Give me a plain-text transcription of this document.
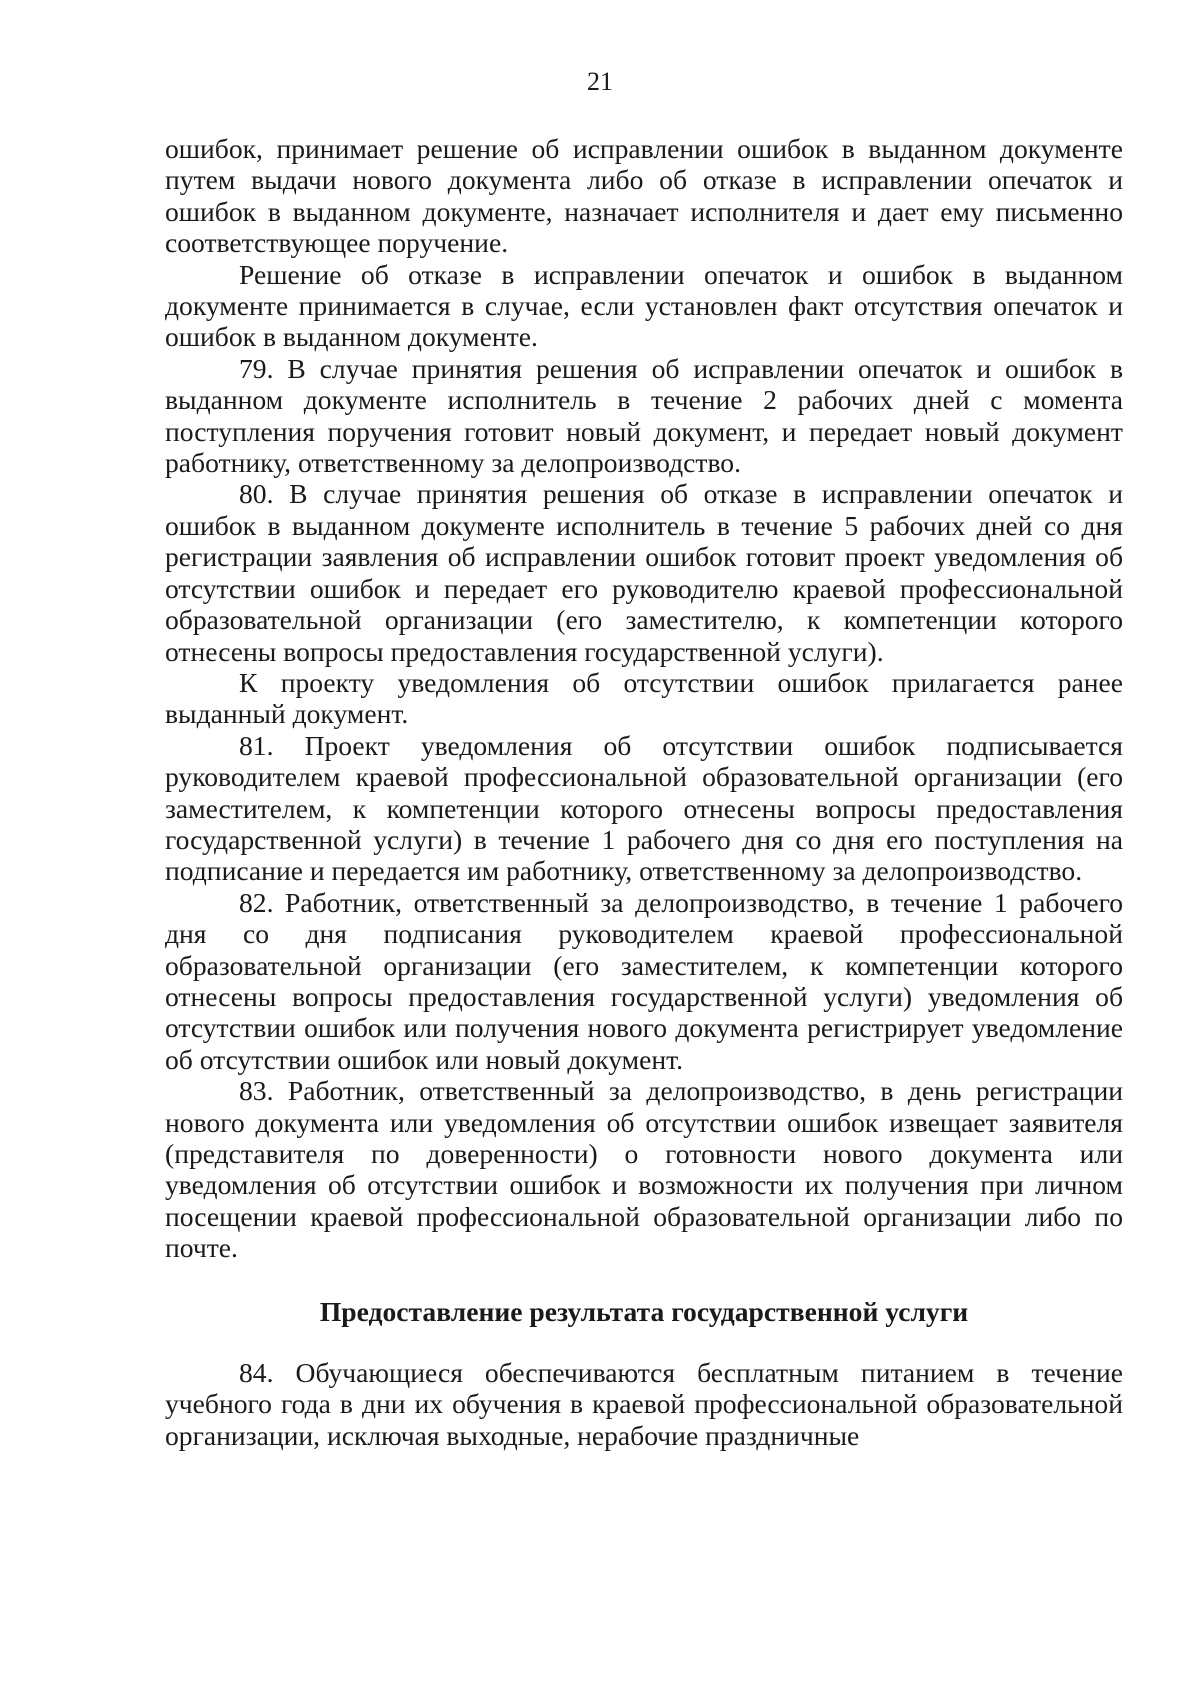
21

ошибок, принимает решение об исправлении ошибок в выданном документе путем выдачи нового документа либо об отказе в исправлении опечаток и ошибок в выданном документе, назначает исполнителя и дает ему письменно соответствующее поручение.

Решение об отказе в исправлении опечаток и ошибок в выданном документе принимается в случае, если установлен факт отсутствия опечаток и ошибок в выданном документе.

79. В случае принятия решения об исправлении опечаток и ошибок в выданном документе исполнитель в течение 2 рабочих дней с момента поступления поручения готовит новый документ, и передает новый документ работнику, ответственному за делопроизводство.

80. В случае принятия решения об отказе в исправлении опечаток и ошибок в выданном документе исполнитель в течение 5 рабочих дней со дня регистрации заявления об исправлении ошибок готовит проект уведомления об отсутствии ошибок и передает его руководителю краевой профессиональной образовательной организации (его заместителю, к компетенции которого отнесены вопросы предоставления государственной услуги).

К проекту уведомления об отсутствии ошибок прилагается ранее выданный документ.

81. Проект уведомления об отсутствии ошибок подписывается руководителем краевой профессиональной образовательной организации (его заместителем, к компетенции которого отнесены вопросы предоставления государственной услуги) в течение 1 рабочего дня со дня его поступления на подписание и передается им работнику, ответственному за делопроизводство.

82. Работник, ответственный за делопроизводство, в течение 1 рабочего дня со дня подписания руководителем краевой профессиональной образовательной организации (его заместителем, к компетенции которого отнесены вопросы предоставления государственной услуги) уведомления об отсутствии ошибок или получения нового документа регистрирует уведомление об отсутствии ошибок или новый документ.

83. Работник, ответственный за делопроизводство, в день регистрации нового документа или уведомления об отсутствии ошибок извещает заявителя (представителя по доверенности) о готовности нового документа или уведомления об отсутствии ошибок и возможности их получения при личном посещении краевой профессиональной образовательной организации либо по почте.

Предоставление результата государственной услуги

84. Обучающиеся обеспечиваются бесплатным питанием в течение учебного года в дни их обучения в краевой профессиональной образовательной организации, исключая выходные, нерабочие праздничные
